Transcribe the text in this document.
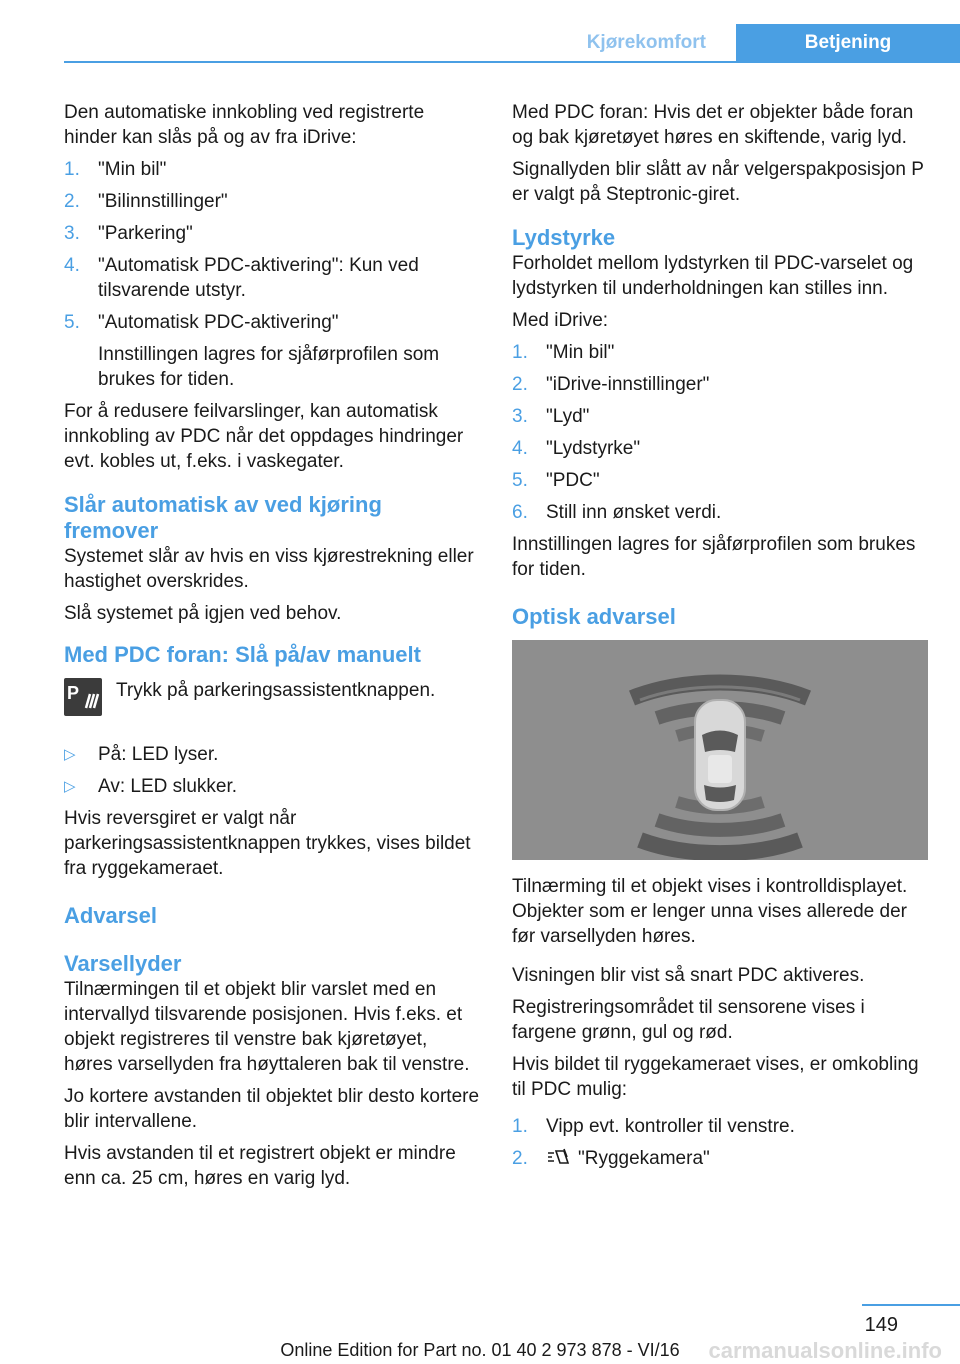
Kjørekomfort	Betjening

Den automatiske innkobling ved registrerte hinder kan slås på og av fra iDrive:

1. "Min bil"
2. "Bilinnstillinger"
3. "Parkering"
4. "Automatisk PDC-aktivering": Kun ved tilsvarende utstyr.
5. "Automatisk PDC-aktivering"

Innstillingen lagres for sjåførprofilen som brukes for tiden.

For å redusere feilvarslinger, kan automatisk innkobling av PDC når det oppdages hindringer evt. kobles ut, f.eks. i vaskegater.

Slår automatisk av ved kjøring fremover

Systemet slår av hvis en viss kjørestrekning eller hastighet overskrides.

Slå systemet på igjen ved behov.

Med PDC foran: Slå på/av manuelt
P Trykk på parkeringsassistentknappen.
▷	På: LED lyser.
▷	Av: LED slukker.

Hvis reversgiret er valgt når parkeringsassistentknappen trykkes, vises bildet fra ryggekameraet.

Advarsel
Varsellyder

Tilnærmingen til et objekt blir varslet med en intervallyd tilsvarende posisjonen. Hvis f.eks. et objekt registreres til venstre bak kjøretøyet, høres varsellyden fra høyttaleren bak til venstre.

Jo kortere avstanden til objektet blir desto kortere blir intervallene.

Hvis avstanden til et registrert objekt er mindre enn ca. 25 cm, høres en varig lyd.

Med PDC foran: Hvis det er objekter både foran og bak kjøretøyet høres en skiftende, varig lyd.

Signallyden blir slått av når velgerspakposisjon P er valgt på Steptronic-giret.

Lydstyrke

Forholdet mellom lydstyrken til PDC-varselet og lydstyrken til underholdningen kan stilles inn.

Med iDrive:

1. "Min bil"
2. "iDrive-innstillinger"
3. "Lyd"
4. "Lydstyrke"
5. "PDC"
6. Still inn ønsket verdi.

Innstillingen lagres for sjåførprofilen som brukes for tiden.

Optisk advarsel

Tilnærming til et objekt vises i kontrolldisplayet. Objekter som er lenger unna vises allerede der før varsellyden høres.

Visningen blir vist så snart PDC aktiveres.

Registreringsområdet til sensorene vises i fargene grønn, gul og rød.

Hvis bildet til ryggekameraet vises, er omkobling til PDC mulig:

1. Vipp evt. kontroller til venstre.
2.	"Ryggekamera"
149
Online Edition for Part no. 01 40 2 973 878 - VI/16	carmanualsonline.info
